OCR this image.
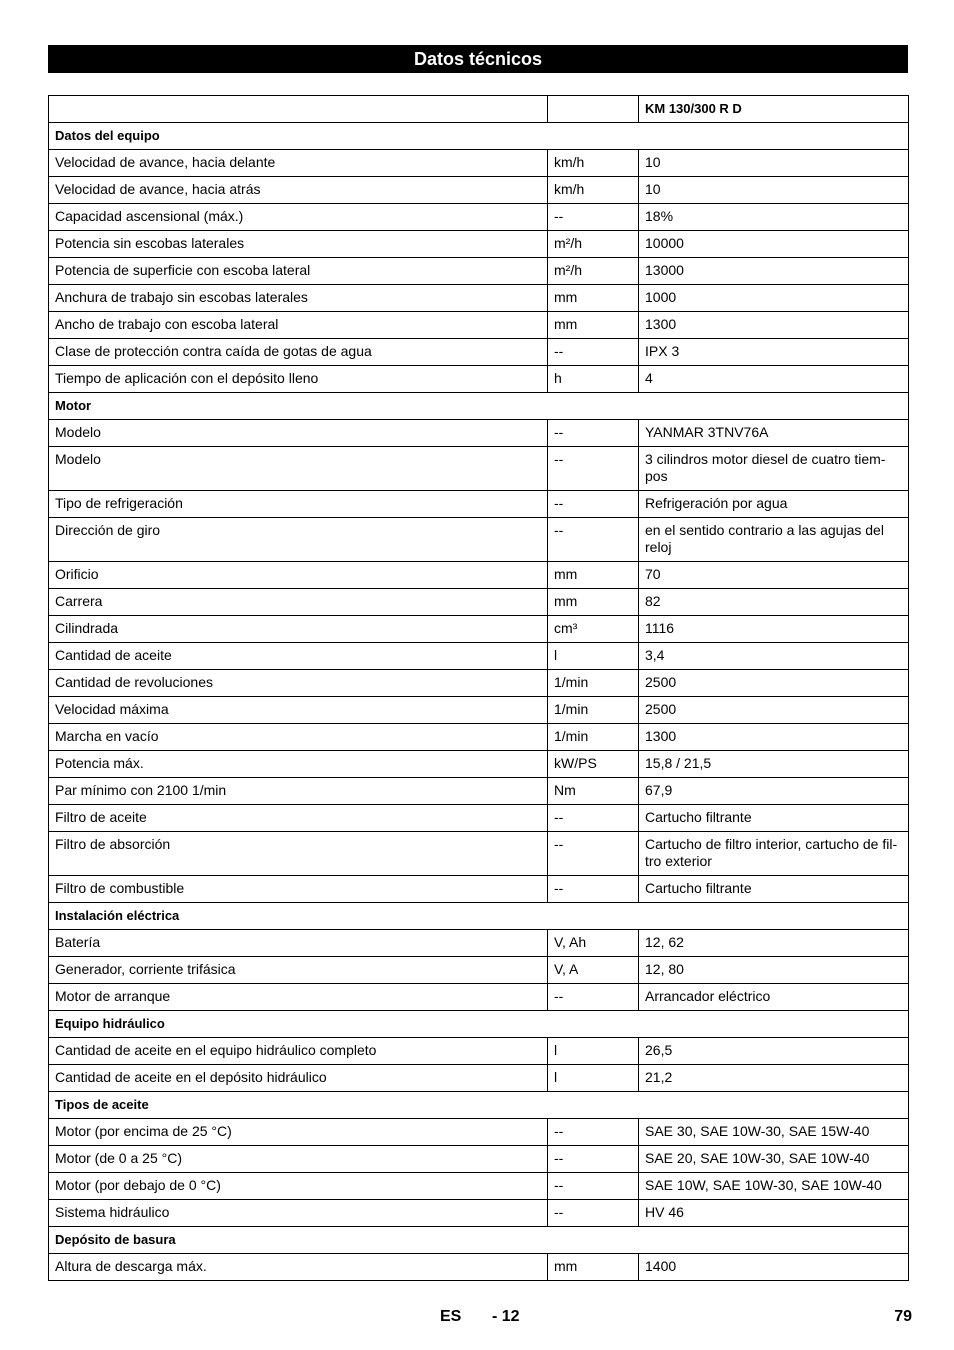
Datos técnicos
		KM 130/300 R D
Datos del equipo		
Velocidad de avance, hacia delante	km/h	10
Velocidad de avance, hacia atrás	km/h	10
Capacidad ascensional (máx.)	--	18%
Potencia sin escobas laterales	m²/h	10000
Potencia de superficie con escoba lateral	m²/h	13000
Anchura de trabajo sin escobas laterales	mm	1000
Ancho de trabajo con escoba lateral	mm	1300
Clase de protección contra caída de gotas de agua	--	IPX 3
Tiempo de aplicación con el depósito lleno	h	4
Motor		
Modelo	--	YANMAR 3TNV76A
Modelo	--	3 cilindros motor diesel de cuatro tiem-pos
Tipo de refrigeración	--	Refrigeración por agua
Dirección de giro	--	en el sentido contrario a las agujas del reloj
Orificio	mm	70
Carrera	mm	82
Cilindrada	cm³	1116
Cantidad de aceite	l	3,4
Cantidad de revoluciones	1/min	2500
Velocidad máxima	1/min	2500
Marcha en vacío	1/min	1300
Potencia máx.	kW/PS	15,8 / 21,5
Par mínimo con 2100 1/min	Nm	67,9
Filtro de aceite	--	Cartucho filtrante
Filtro de absorción	--	Cartucho de filtro interior, cartucho de fil-tro exterior
Filtro de combustible	--	Cartucho filtrante
Instalación eléctrica		
Batería	V, Ah	12, 62
Generador, corriente trifásica	V, A	12, 80
Motor de arranque	--	Arrancador eléctrico
Equipo hidráulico		
Cantidad de aceite en el equipo hidráulico completo	l	26,5
Cantidad de aceite en el depósito hidráulico	l	21,2
Tipos de aceite		
Motor (por encima de 25 °C)	--	SAE 30, SAE 10W-30, SAE 15W-40
Motor (de 0 a 25 °C)	--	SAE 20, SAE 10W-30, SAE 10W-40
Motor (por debajo de 0 °C)	--	SAE 10W, SAE 10W-30, SAE 10W-40
Sistema hidráulico	--	HV 46
Depósito de basura		
Altura de descarga máx.	mm	1400
ES - 12	79
